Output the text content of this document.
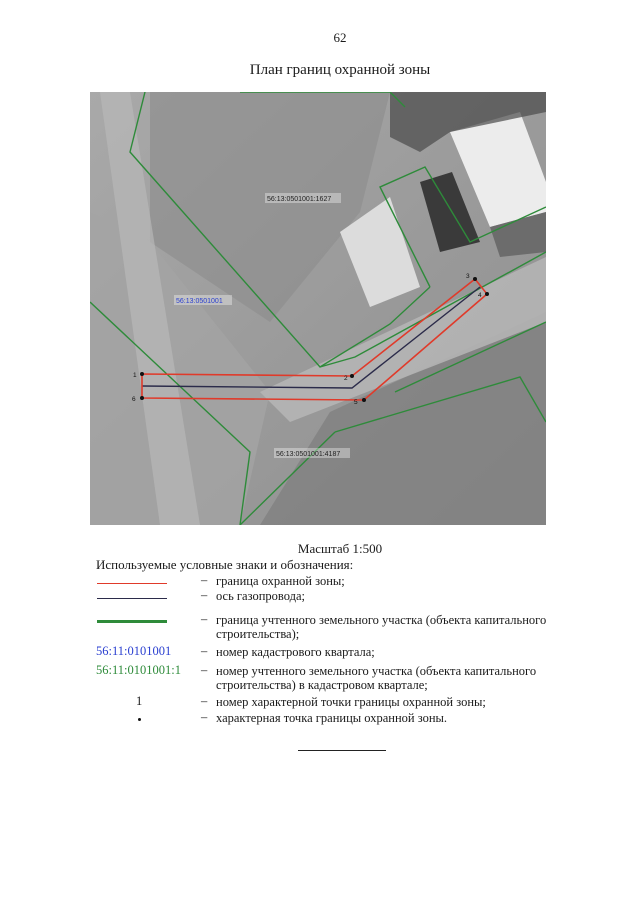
62
План границ охранной зоны
1	2
3
4
5
6
56:13:0501001:1627
56:13:0501001
56:13:0501001:4187
Масштаб 1:500
Используемые условные знаки и обозначения:
– граница охранной зоны;
– ось газопровода;
– граница учтенного земельного участка (объекта капитального строительства);
56:11:0101001 – номер кадастрового квартала;
56:11:0101001:1 – номер учтенного земельного участка (объекта капитального строительства) в кадастровом квартале;
1	– номер характерной точки границы охранной зоны;
– характерная точка границы охранной зоны.
